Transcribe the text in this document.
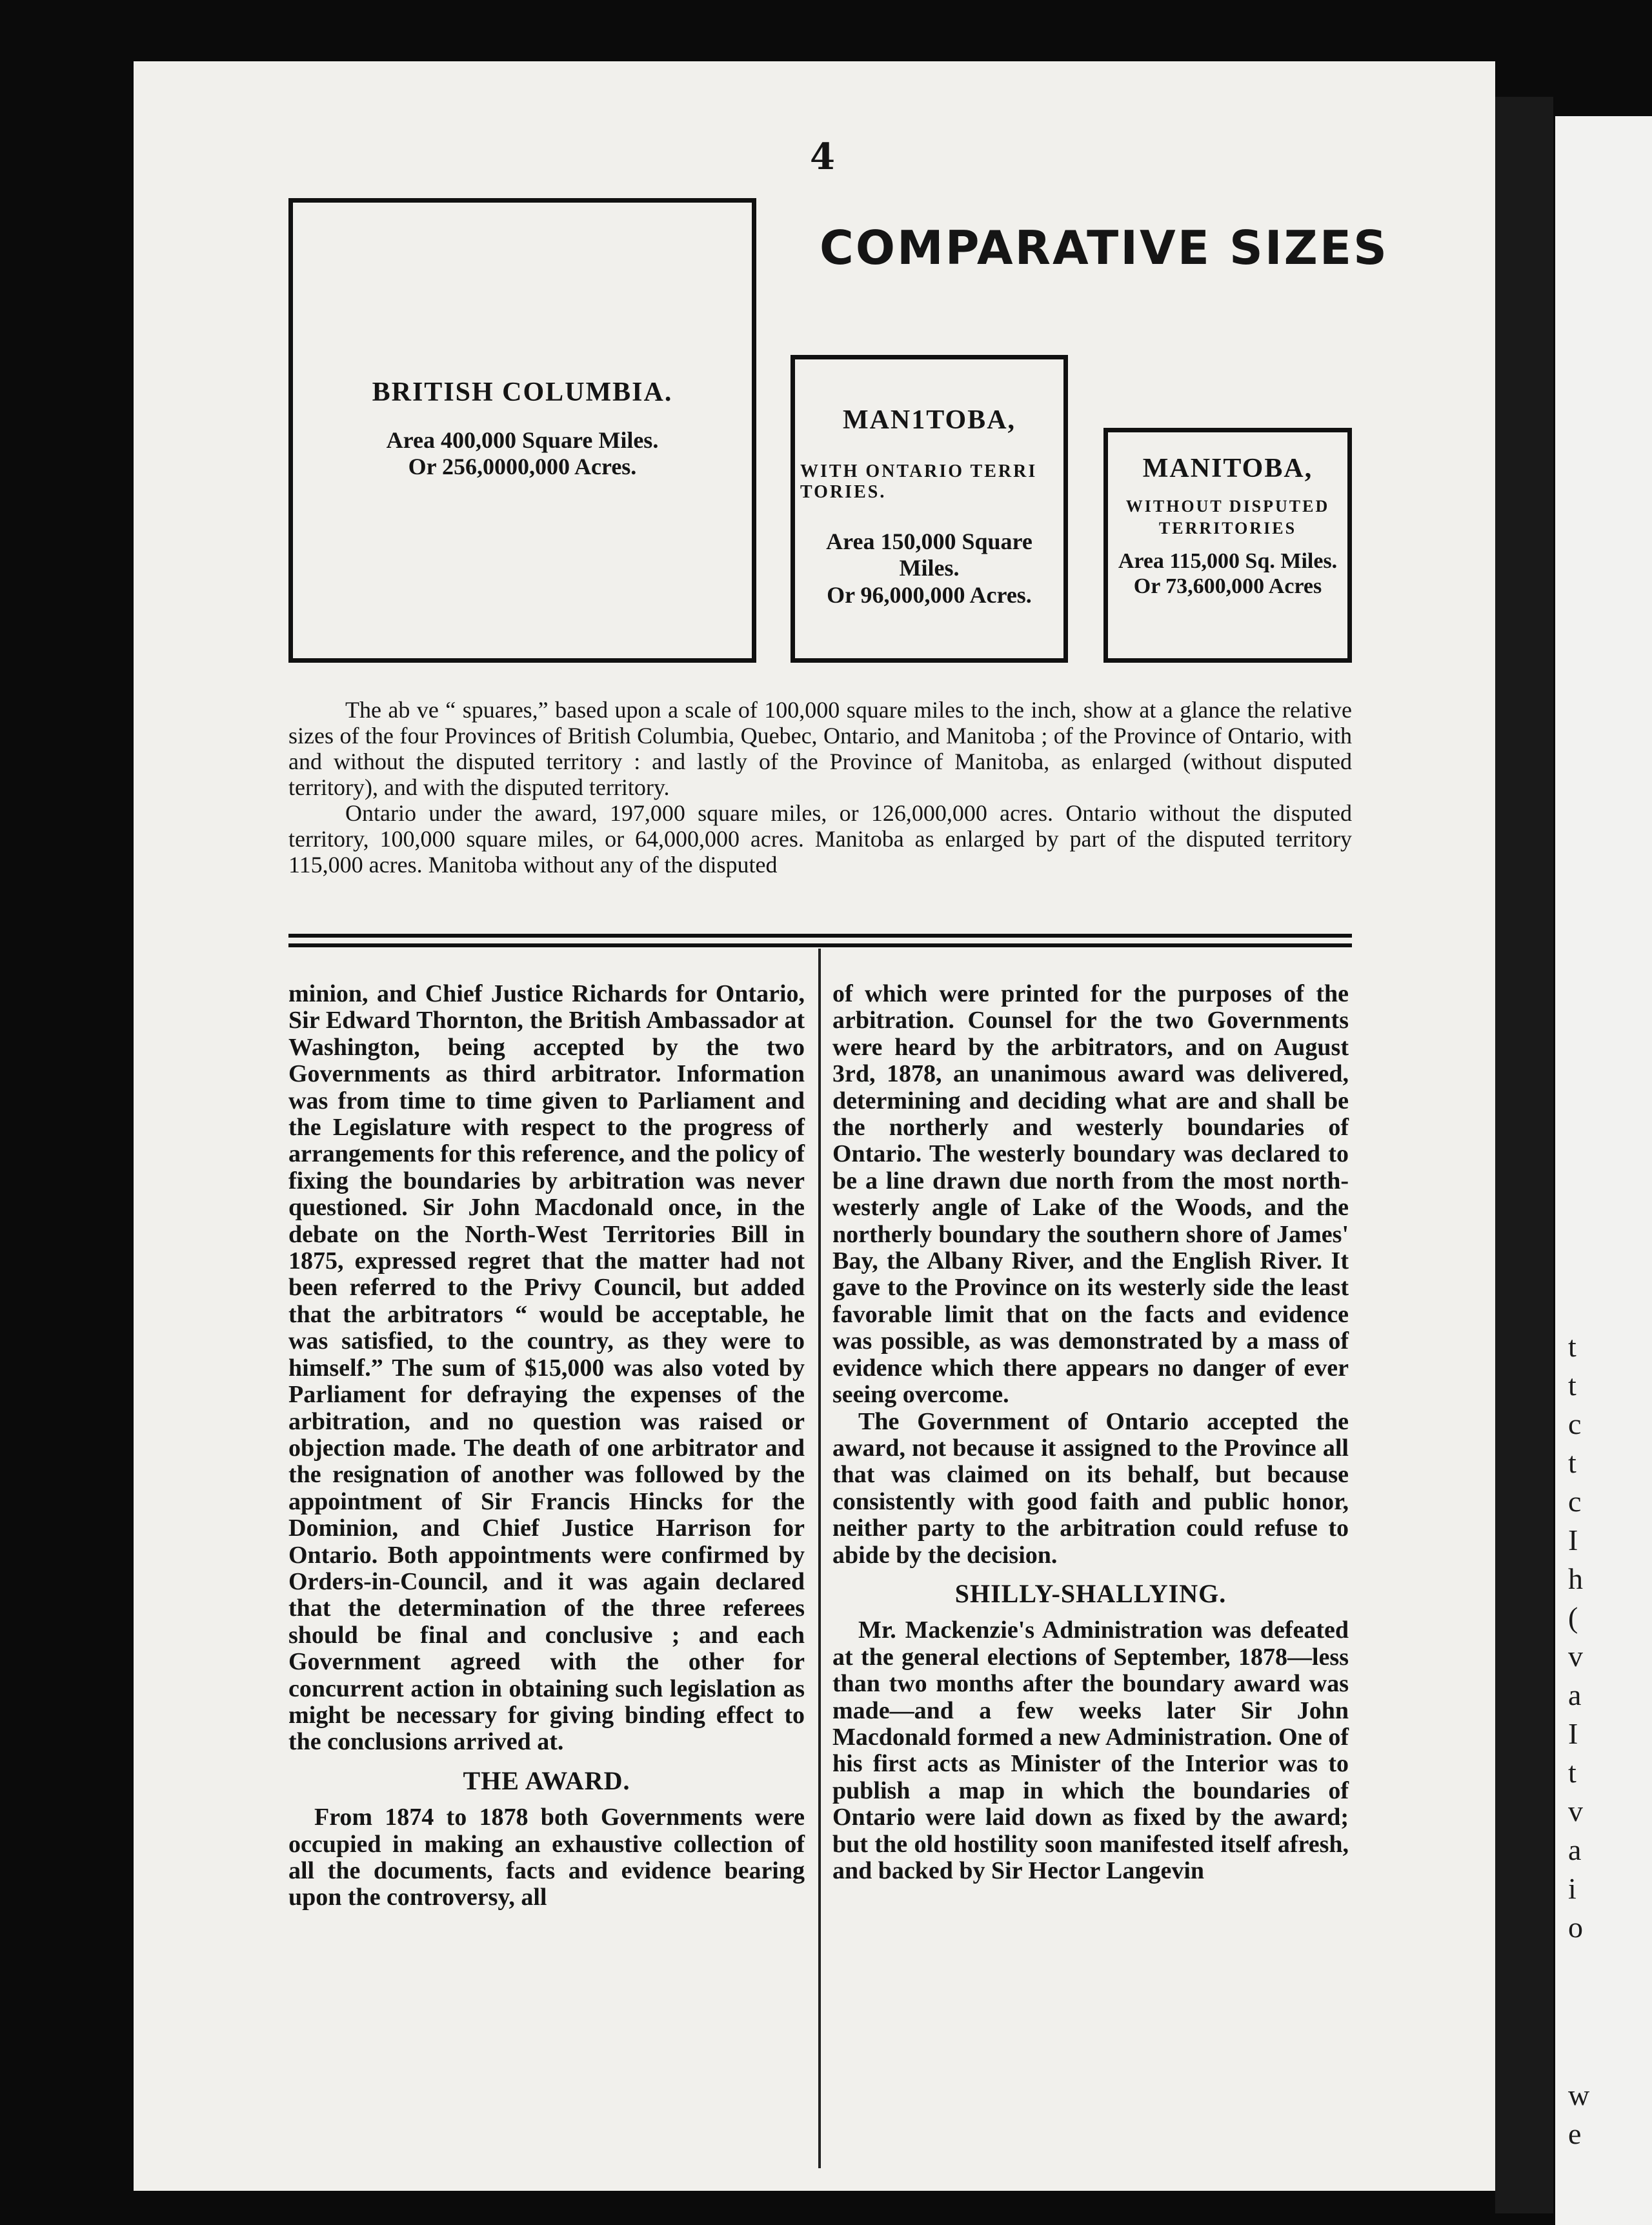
t
t
c
t
c
I
h
(
v
a
I
t
v
a
i
o
w
e
4
COMPARATIVE SIZES
BRITISH COLUMBIA.
Area 400,000 Square Miles.
Or 256,0000,000 Acres.
MAN1TOBA,
WITH ONTARIO TERRI TORIES.
Area 150,000 Square Miles.
Or 96,000,000 Acres.
MANITOBA,
WITHOUT DISPUTED TERRITORIES
Area 115,000 Sq. Miles.
Or 73,600,000 Acres

The ab ve “ spuares,” based upon a scale of 100,000 square miles to the inch, show at a glance the relative sizes of the four Provinces of British Columbia, Quebec, Ontario, and Manitoba ; of the Province of Ontario, with and without the disputed territory : and lastly of the Province of Manitoba, as enlarged (without disputed territory), and with the disputed territory.

Ontario under the award, 197,000 square miles, or 126,000,000 acres. Ontario without the disputed territory, 100,000 square miles, or 64,000,000 acres. Manitoba as enlarged by part of the disputed territory 115,000 acres. Manitoba without any of the disputed

minion, and Chief Justice Richards for Ontario, Sir Edward Thornton, the British Ambassador at Washington, being accepted by the two Governments as third arbitrator. Information was from time to time given to Parliament and the Legislature with respect to the progress of arrangements for this reference, and the policy of fixing the boundaries by arbitration was never questioned. Sir John Macdonald once, in the debate on the North-West Territories Bill in 1875, expressed regret that the matter had not been referred to the Privy Council, but added that the arbitrators “ would be acceptable, he was satisfied, to the country, as they were to himself.” The sum of $15,000 was also voted by Parliament for defraying the expenses of the arbitration, and no question was raised or objection made. The death of one arbitrator and the resignation of another was followed by the appointment of Sir Francis Hincks for the Dominion, and Chief Justice Harrison for Ontario. Both appointments were confirmed by Orders-in-Council, and it was again declared that the determination of the three referees should be final and conclusive ; and each Government agreed with the other for concurrent action in obtaining such legislation as might be necessary for giving binding effect to the conclusions arrived at.

THE AWARD.

From 1874 to 1878 both Governments were occupied in making an exhaustive collection of all the documents, facts and evidence bearing upon the controversy, all

of which were printed for the purposes of the arbitration. Counsel for the two Governments were heard by the arbitrators, and on August 3rd, 1878, an unanimous award was delivered, determining and deciding what are and shall be the northerly and westerly boundaries of Ontario. The westerly boundary was declared to be a line drawn due north from the most north-westerly angle of Lake of the Woods, and the northerly boundary the southern shore of James' Bay, the Albany River, and the English River. It gave to the Province on its westerly side the least favorable limit that on the facts and evidence was possible, as was demonstrated by a mass of evidence which there appears no danger of ever seeing overcome.

The Government of Ontario accepted the award, not because it assigned to the Province all that was claimed on its behalf, but because consistently with good faith and public honor, neither party to the arbitration could refuse to abide by the decision.

SHILLY-SHALLYING.

Mr. Mackenzie's Administration was defeated at the general elections of September, 1878—less than two months after the boundary award was made—and a few weeks later Sir John Macdonald formed a new Administration. One of his first acts as Minister of the Interior was to publish a map in which the boundaries of Ontario were laid down as fixed by the award; but the old hostility soon manifested itself afresh, and backed by Sir Hector Langevin
